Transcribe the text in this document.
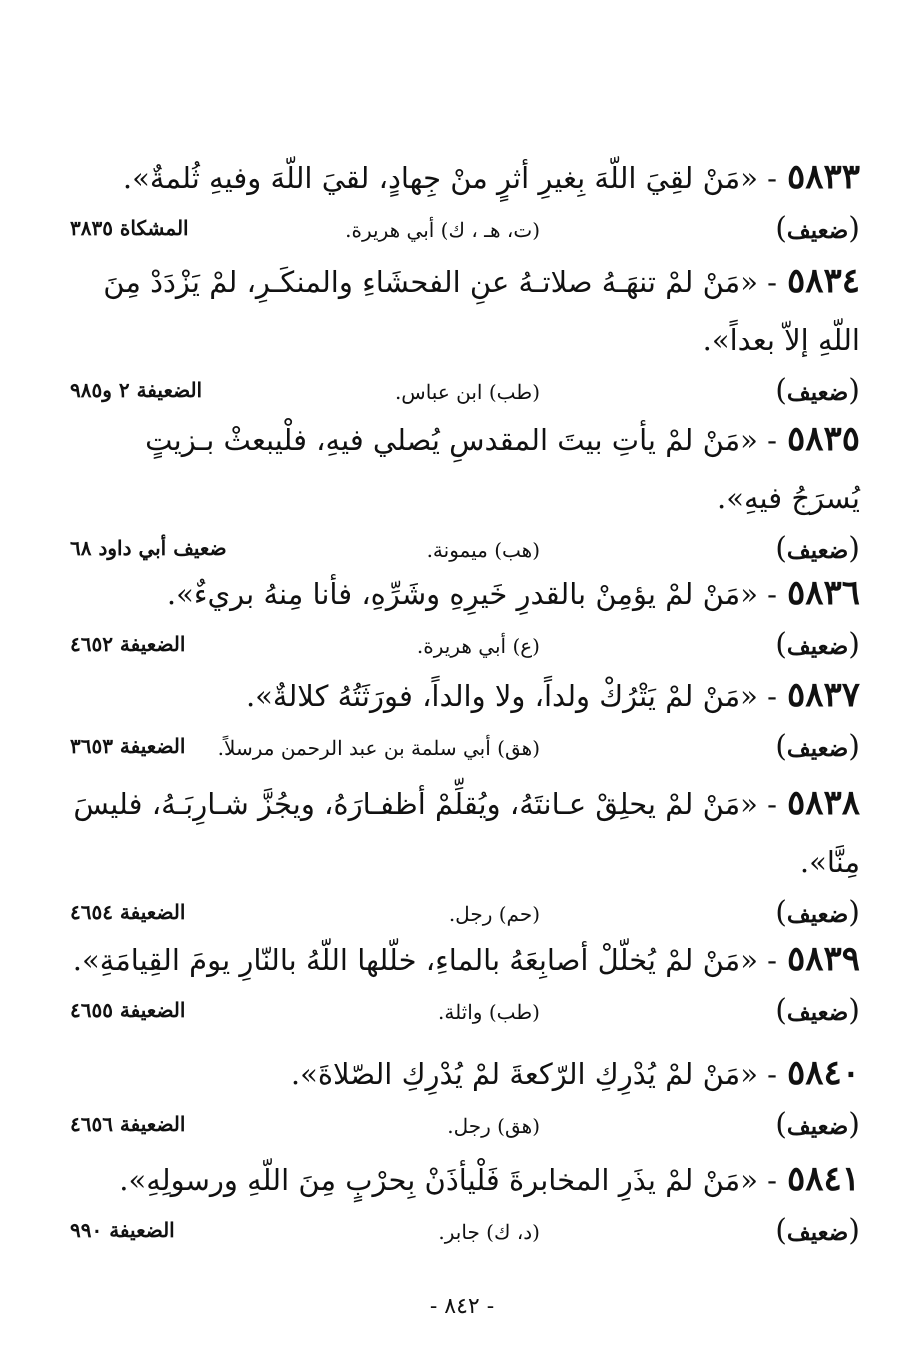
٥٨٣٣- «مَنْ لقِيَ اللّهَ بِغيرِ أثرٍ منْ جِهادٍ، لقيَ اللّهَ وفيهِ ثُلمةٌ».
(ضعيف)
(ت، هـ ، ك) أبي هريرة.
المشكاة ٣٨٣٥
٥٨٣٤- «مَنْ لمْ تنهَـهُ صلاتـهُ عنِ الفحشَاءِ والمنكَـرِ، لمْ يَزْدَدْ مِنَ اللّهِ إلاّ بعداً».
(ضعيف)
(طب) ابن عباس.
الضعيفة ٢ و٩٨٥
٥٨٣٥- «مَنْ لمْ يأتِ بيتَ المقدسِ يُصلي فيهِ، فلْيبعثْ بـزيتٍ يُسرَجُ فيهِ».
(ضعيف)
(هب) ميمونة.
ضعيف أبي داود ٦٨
٥٨٣٦- «مَنْ لمْ يؤمِنْ بالقدرِ خَيرِهِ وشَرِّهِ، فأنا مِنهُ بريءٌ».
(ضعيف)
(ع) أبي هريرة.
الضعيفة ٤٦٥٢
٥٨٣٧- «مَنْ لمْ يَتْرُكْ ولداً، ولا والداً، فورَثَتُهُ كلالةٌ».
(ضعيف)
(هق) أبي سلمة بن عبد الرحمن مرسلاً.
الضعيفة ٣٦٥٣
٥٨٣٨- «مَنْ لمْ يحلِقْ عـانتَهُ، ويُقلِّمْ أظفـارَهُ، ويجُزَّ شـارِبَـهُ، فليسَ مِنَّا».
(ضعيف)
(حم) رجل.
الضعيفة ٤٦٥٤
٥٨٣٩- «مَنْ لمْ يُخلّلْ أصابِعَهُ بالماءِ، خلّلها اللّهُ بالنّارِ يومَ القِيامَةِ».
(ضعيف)
(طب) واثلة.
الضعيفة ٤٦٥٥
٥٨٤٠- «مَنْ لمْ يُدْرِكِ الرّكعةَ لمْ يُدْرِكِ الصّلاةَ».
(ضعيف)
(هق) رجل.
الضعيفة ٤٦٥٦
٥٨٤١- «مَنْ لمْ يذَرِ المخابرةَ فَلْيأذَنْ بِحرْبٍ مِنَ اللّهِ ورسولِهِ».
(ضعيف)
(د، ك) جابر.
الضعيفة ٩٩٠
- ٨٤٢ -
